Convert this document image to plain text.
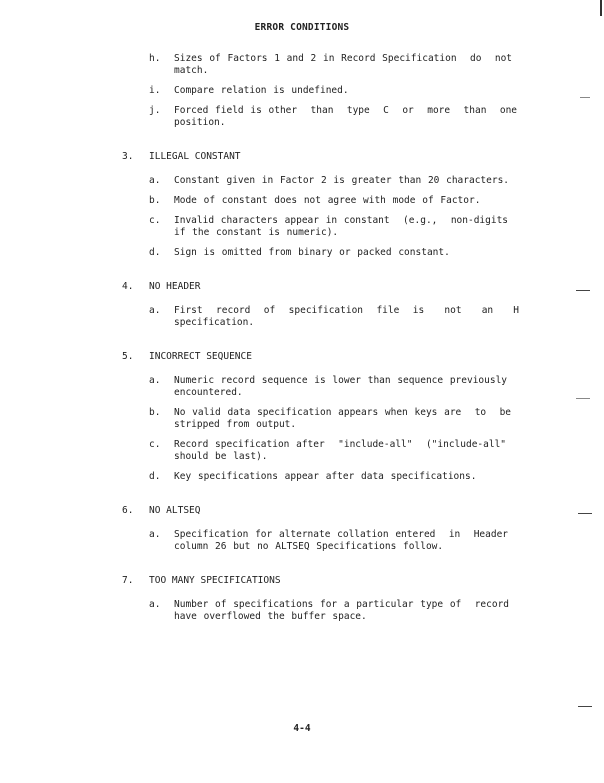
ERROR CONDITIONS
h.	Sizes of Factors 1 and 2 in Record Specification  do  not
match.
i.	Compare relation is undefined.
j.	Forced field is other  than  type  C  or  more  than  one
position.
3.	ILLEGAL CONSTANT
a.	Constant given in Factor 2 is greater than 20 characters.
b.	Mode of constant does not agree with mode of Factor.
c.	Invalid characters appear in constant  (e.g.,  non-digits
if the constant is numeric).
d.	Sign is omitted from binary or packed constant.
4.	NO HEADER
a.	First  record  of  specification  file  is   not   an   H
specification.
5.	INCORRECT SEQUENCE
a.	Numeric record sequence is lower than sequence previously
encountered.
b.	No valid data specification appears when keys are  to  be
stripped from output.
c.	Record specification after  "include-all"  ("include-all"
should be last).
d.	Key specifications appear after data specifications.
6.	NO ALTSEQ
a.	Specification for alternate collation entered  in  Header
column 26 but no ALTSEQ Specifications follow.
7.	TOO MANY SPECIFICATIONS
a.	Number of specifications for a particular type of  record
have overflowed the buffer space.
4-4
